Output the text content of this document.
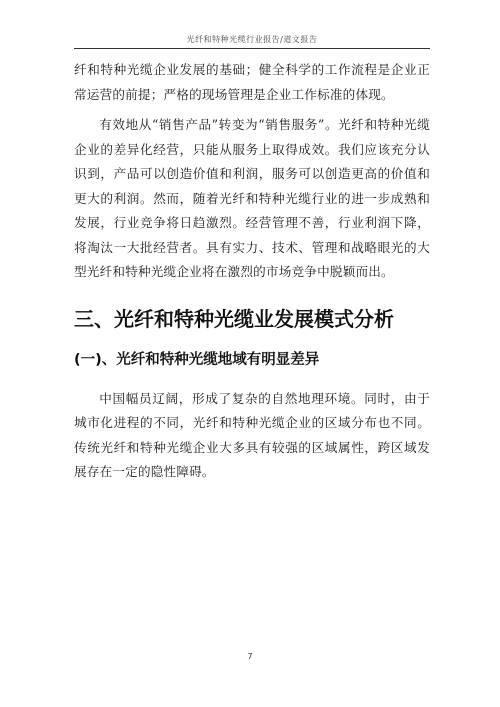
光纤和特种光缆行业报告/道文报告

纤和特种光缆企业发展的基础；健全科学的工作流程是企业正常运营的前提；严格的现场管理是企业工作标准的体现。

有效地从“销售产品”转变为“销售服务”。光纤和特种光缆企业的差异化经营，只能从服务上取得成效。我们应该充分认识到，产品可以创造价值和利润，服务可以创造更高的价值和更大的利润。然而，随着光纤和特种光缆行业的进一步成熟和发展，行业竞争将日趋激烈。经营管理不善，行业利润下降，将淘汰一大批经营者。具有实力、技术、管理和战略眼光的大型光纤和特种光缆企业将在激烈的市场竞争中脱颖而出。

三、光纤和特种光缆业发展模式分析
(一)、光纤和特种光缆地域有明显差异

中国幅员辽阔，形成了复杂的自然地理环境。同时，由于城市化进程的不同，光纤和特种光缆企业的区域分布也不同。传统光纤和特种光缆企业大多具有较强的区域属性，跨区域发展存在一定的隐性障碍。

7
